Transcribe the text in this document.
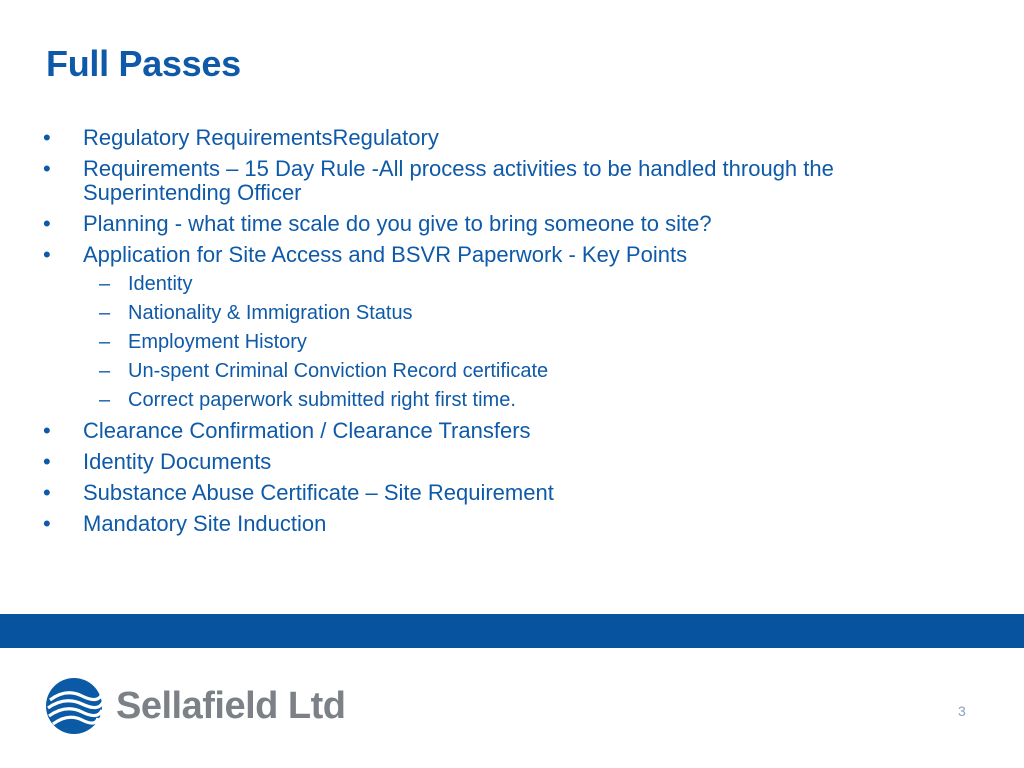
Full Passes
• Regulatory RequirementsRegulatory
• Requirements – 15 Day Rule -All process activities to be handled through the Superintending Officer
• Planning - what time scale do you give to bring someone to site?
• Application for Site Access and BSVR Paperwork - Key Points
– Identity
– Nationality & Immigration Status
– Employment History
– Un-spent Criminal Conviction Record certificate
– Correct paperwork submitted right first time.
• Clearance Confirmation / Clearance Transfers
• Identity Documents
• Substance Abuse Certificate – Site Requirement
• Mandatory Site Induction
Sellafield Ltd	3
